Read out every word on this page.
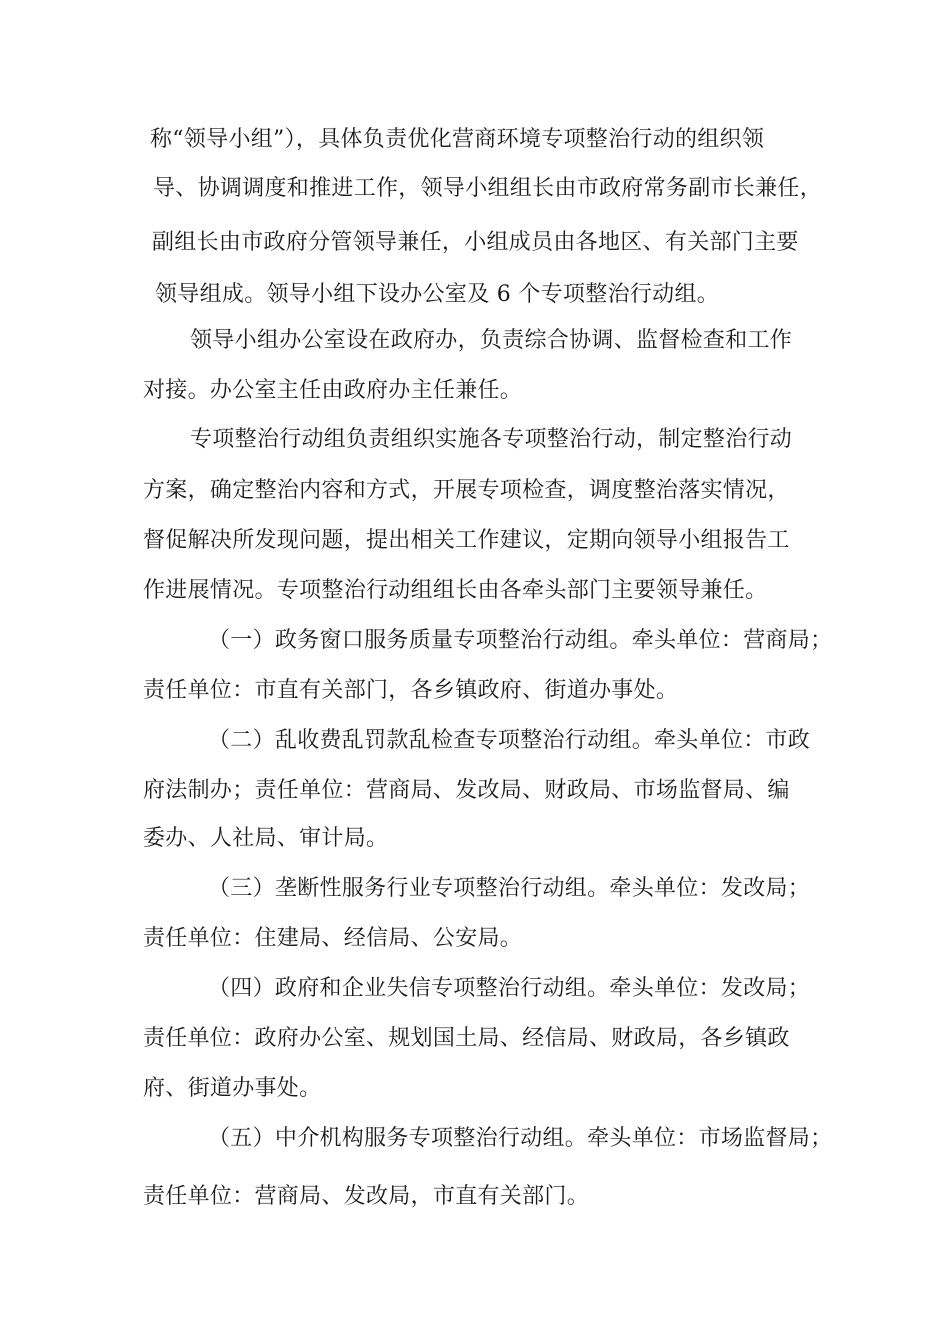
称“领导小组”），具体负责优化营商环境专项整治行动的组织领
导、协调调度和推进工作，领导小组组长由市政府常务副市长兼任，
副组长由市政府分管领导兼任，小组成员由各地区、有关部门主要
领导组成。领导小组下设办公室及 6 个专项整治行动组。
领导小组办公室设在政府办，负责综合协调、监督检查和工作
对接。办公室主任由政府办主任兼任。
专项整治行动组负责组织实施各专项整治行动，制定整治行动
方案，确定整治内容和方式，开展专项检查，调度整治落实情况，
督促解决所发现问题，提出相关工作建议，定期向领导小组报告工
作进展情况。专项整治行动组组长由各牵头部门主要领导兼任。
（一）政务窗口服务质量专项整治行动组。牵头单位：营商局；
责任单位：市直有关部门，各乡镇政府、街道办事处。
（二）乱收费乱罚款乱检查专项整治行动组。牵头单位：市政
府法制办；责任单位：营商局、发改局、财政局、市场监督局、编
委办、人社局、审计局。
（三）垄断性服务行业专项整治行动组。牵头单位：发改局；
责任单位：住建局、经信局、公安局。
（四）政府和企业失信专项整治行动组。牵头单位：发改局；
责任单位：政府办公室、规划国土局、经信局、财政局，各乡镇政
府、街道办事处。
（五）中介机构服务专项整治行动组。牵头单位：市场监督局；
责任单位：营商局、发改局，市直有关部门。
